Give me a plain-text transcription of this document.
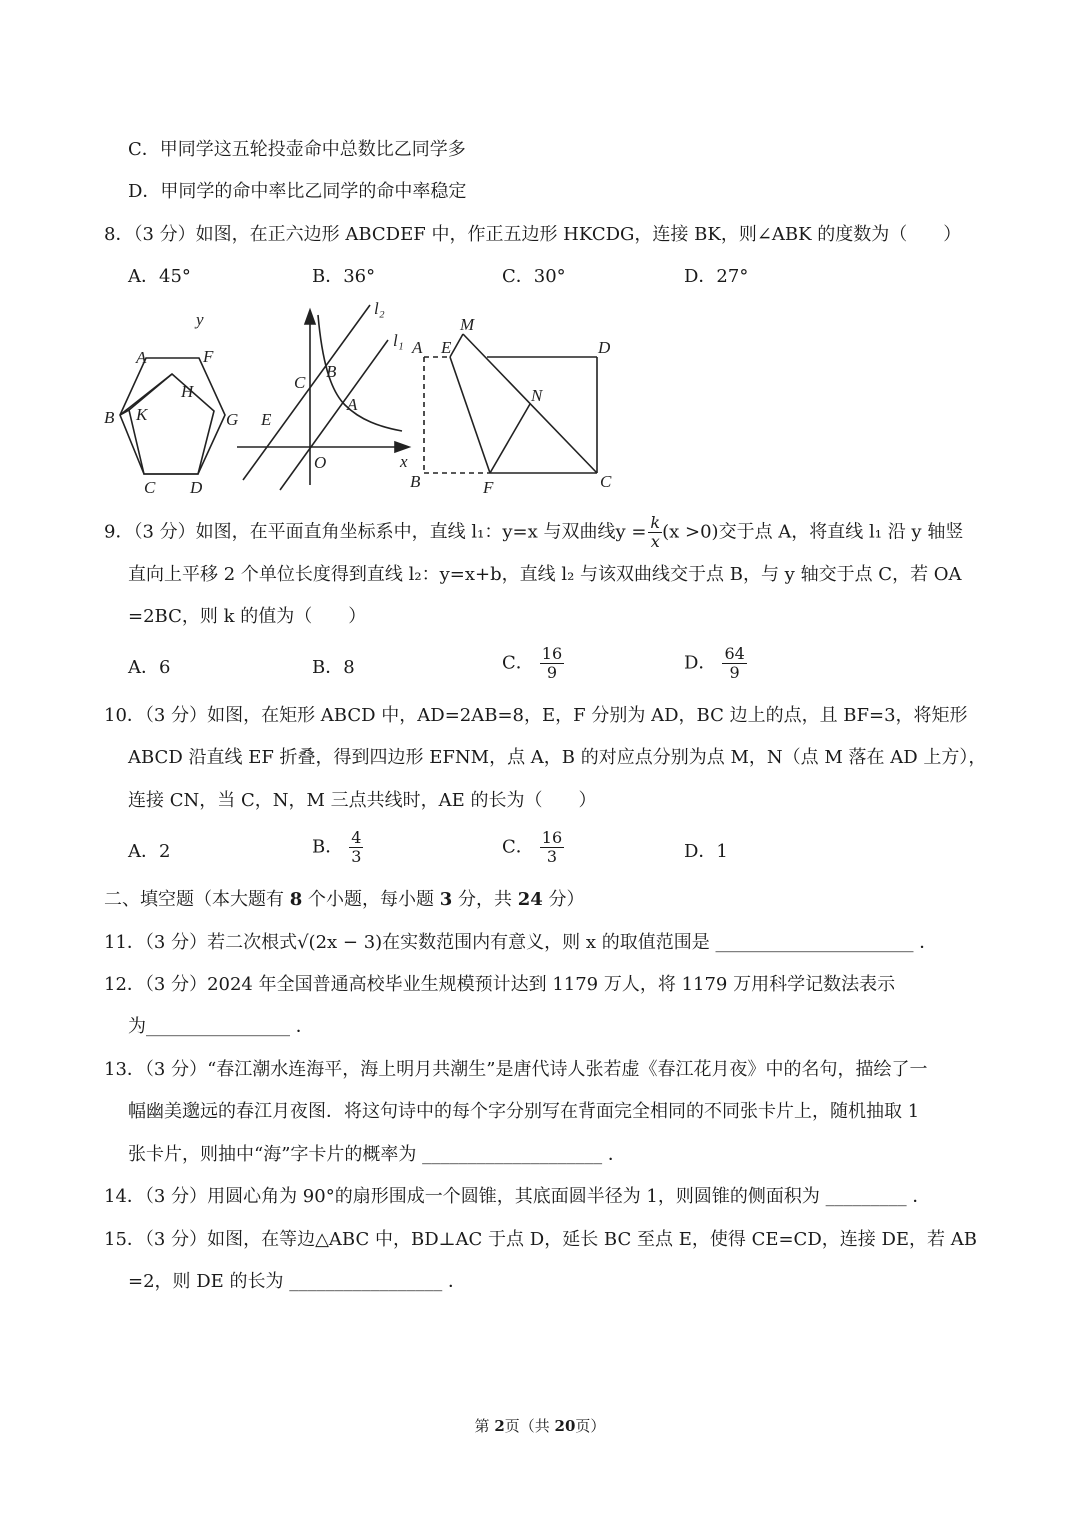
C．甲同学这五轮投壶命中总数比乙同学多
D．甲同学的命中率比乙同学的命中率稳定
8．（3 分）如图，在正六边形 ABCDEF 中，作正五边形 HKCDG，连接 BK，则∠ABK 的度数为（　　）
A．45°	B．36°	C．30°	D．27°
A	F
H
B K	G E
C D
y
l₂
l₁
C
B
A
O	x
M
A E	D
N
B	F	C
9．（3 分）如图，在平面直角坐标系中，直线 l₁：y=x 与双曲线$y = \frac{k}{x} (x >0)$交于点 A，将直线 l₁ 沿 y 轴竖
直向上平移 2 个单位长度得到直线 l₂：y=x+b，直线 l₂ 与该双曲线交于点 B，与 y 轴交于点 C，若 OA
=2BC，则 k 的值为（　　）
A．6	B．8	C． $\frac{16}{9}$	D． $\frac{64}{9}$
10．（3 分）如图，在矩形 ABCD 中，AD=2AB=8，E，F 分别为 AD，BC 边上的点，且 BF=3，将矩形
ABCD 沿直线 EF 折叠，得到四边形 EFNM，点 A，B 的对应点分别为点 M，N（点 M 落在 AD 上方），
连接 CN，当 C，N，M 三点共线时，AE 的长为（　　）
A．2	B． $\frac{4}{3}$	C． $\frac{16}{3}$	D．1
二、填空题（本大题有 8 个小题，每小题 3 分，共 24 分）
11．（3 分）若二次根式√(2x − 3)在实数范围内有意义，则 x 的取值范围是 ______________________ ．
12．（3 分）2024 年全国普通高校毕业生规模预计达到 1179 万人，将 1179 万用科学记数法表示
为________________ ．
13．（3 分）“春江潮水连海平，海上明月共潮生”是唐代诗人张若虚《春江花月夜》中的名句，描绘了一
幅幽美邈远的春江月夜图．将这句诗中的每个字分别写在背面完全相同的不同张卡片上，随机抽取 1
张卡片，则抽中“海”字卡片的概率为 ____________________ ．
14．（3 分）用圆心角为 90°的扇形围成一个圆锥，其底面圆半径为 1，则圆锥的侧面积为 _________ ．
15．（3 分）如图，在等边△ABC 中，BD⊥AC 于点 D，延长 BC 至点 E，使得 CE=CD，连接 DE，若 AB
=2，则 DE 的长为 _________________ ．
第 2页（共 20页）
